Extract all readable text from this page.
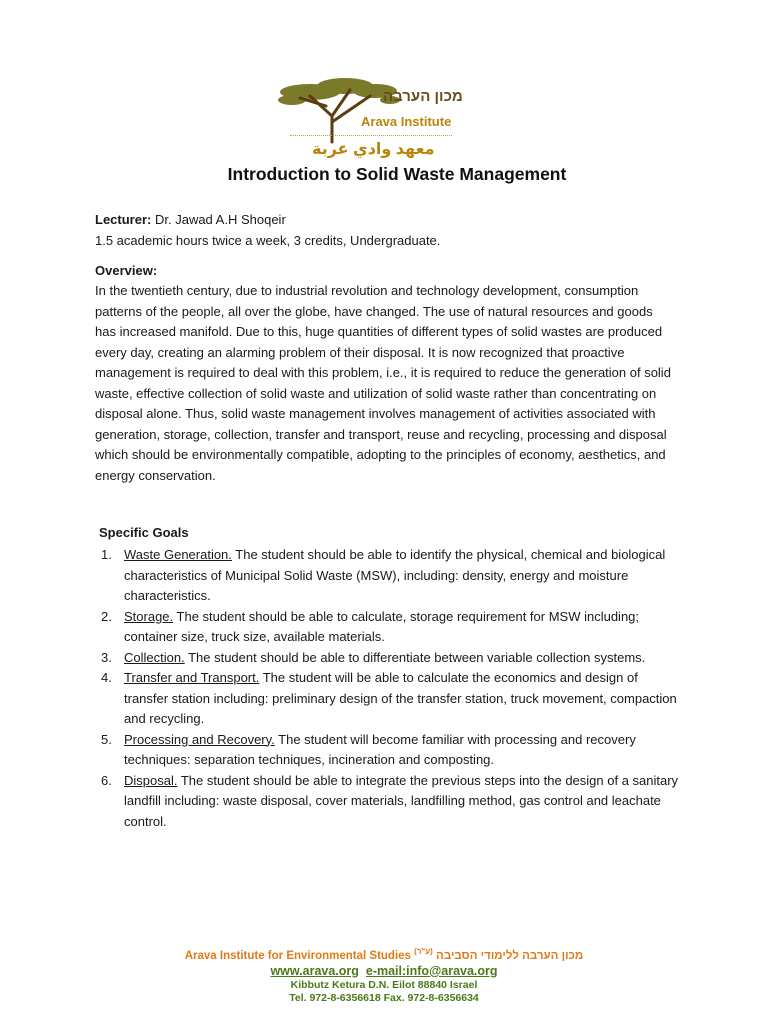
מכון הערבה
Arava Institute
معهد وادي عربة
Introduction to Solid Waste Management
Lecturer: Dr. Jawad A.H Shoqeir
1.5 academic hours twice a week, 3 credits, Undergraduate.
Overview:
In the twentieth century, due to industrial revolution and technology development, consumption patterns of the people, all over the globe, have changed. The use of natural resources and goods has increased manifold. Due to this, huge quantities of different types of solid wastes are produced every day, creating an alarming problem of their disposal. It is now recognized that proactive management is required to deal with this problem, i.e., it is required to reduce the generation of solid waste, effective collection of solid waste and utilization of solid waste rather than concentrating on disposal alone. Thus, solid waste management involves management of activities associated with generation, storage, collection, transfer and transport, reuse and recycling, processing and disposal which should be environmentally compatible, adopting to the principles of economy, aesthetics, and energy conservation.
Specific Goals
1. Waste Generation. The student should be able to identify the physical, chemical and biological characteristics of Municipal Solid Waste (MSW), including: density, energy and moisture characteristics.
2. Storage. The student should be able to calculate, storage requirement for MSW including; container size, truck size, available materials.
3. Collection. The student should be able to differentiate between variable collection systems.
4. Transfer and Transport. The student will be able to calculate the economics and design of transfer station including: preliminary design of the transfer station, truck movement, compaction and recycling.
5. Processing and Recovery. The student will become familiar with processing and recovery techniques: separation techniques, incineration and composting.
6. Disposal. The student should be able to integrate the previous steps into the design of a sanitary landfill including: waste disposal, cover materials, landfilling method, gas control and leachate control.
Arava Institute for Environmental Studies $^{(ע"ר)}$ מכון הערבה ללימודי הסביבה
www.arava.org e-mail:info@arava.org
Kibbutz Ketura D.N. Eilot 88840 Israel
Tel. 972-8-6356618 Fax. 972-8-6356634
